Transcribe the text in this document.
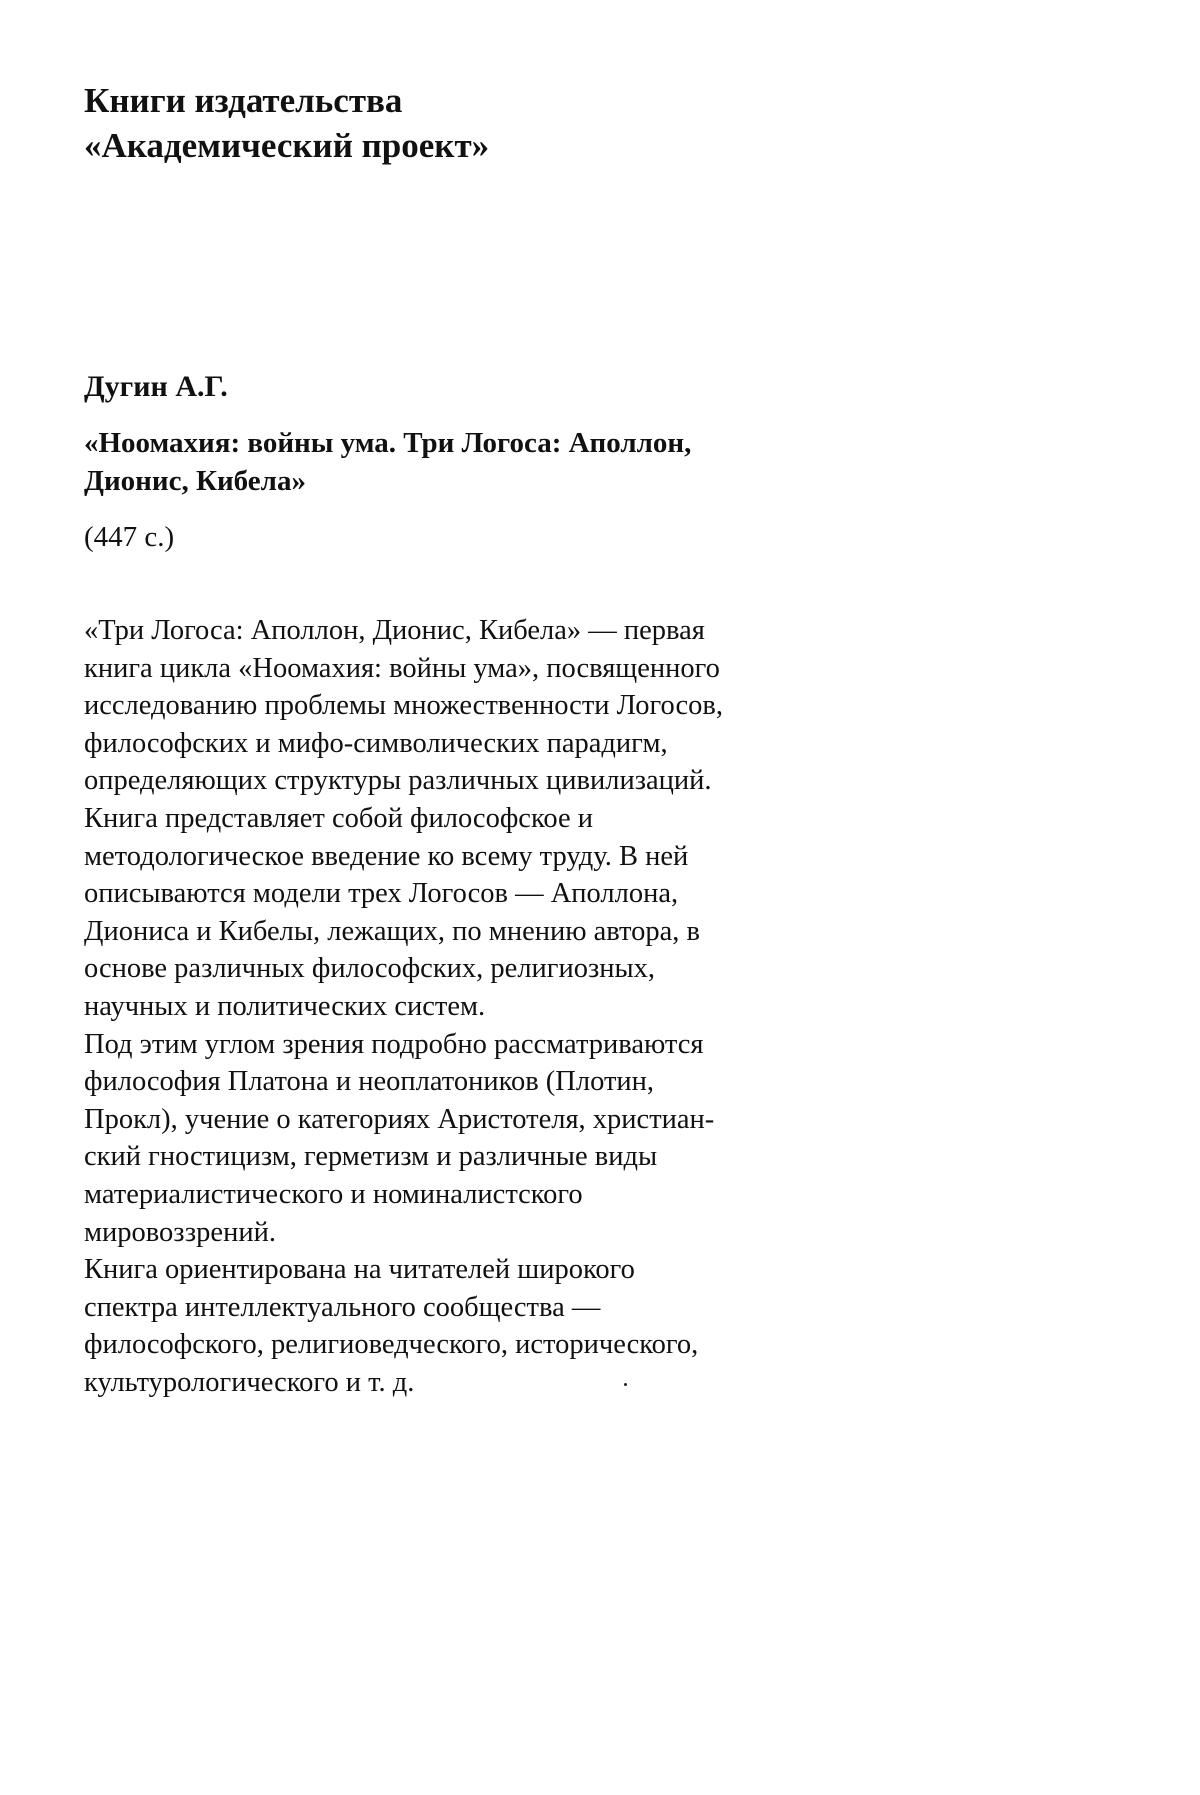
Книги издательства
«Академический проект»
Дугин А.Г.
«Ноомахия: войны ума. Три Логоса: Аполлон,
Дионис, Кибела»
(447 с.)
«Три Логоса: Аполлон, Дионис, Кибела» — первая
книга цикла «Ноомахия: войны ума», посвященного
исследованию проблемы множественности Логосов,
философских и мифо-символических парадигм,
определяющих структуры различных цивилизаций.
Книга представляет собой философское и
методологическое введение ко всему труду. В ней
описываются модели трех Логосов — Аполлона,
Диониса и Кибелы, лежащих, по мнению автора, в
основе различных философских, религиозных,
научных и политических систем.
Под этим углом зрения подробно рассматриваются
философия Платона и неоплатоников (Плотин,
Прокл), учение о категориях Аристотеля, христиан-
ский гностицизм, герметизм и различные виды
материалистического и номиналистского
мировоззрений.
Книга ориентирована на читателей широкого
спектра интеллектуального сообщества —
философского, религиоведческого, исторического,
культурологического и т. д.
